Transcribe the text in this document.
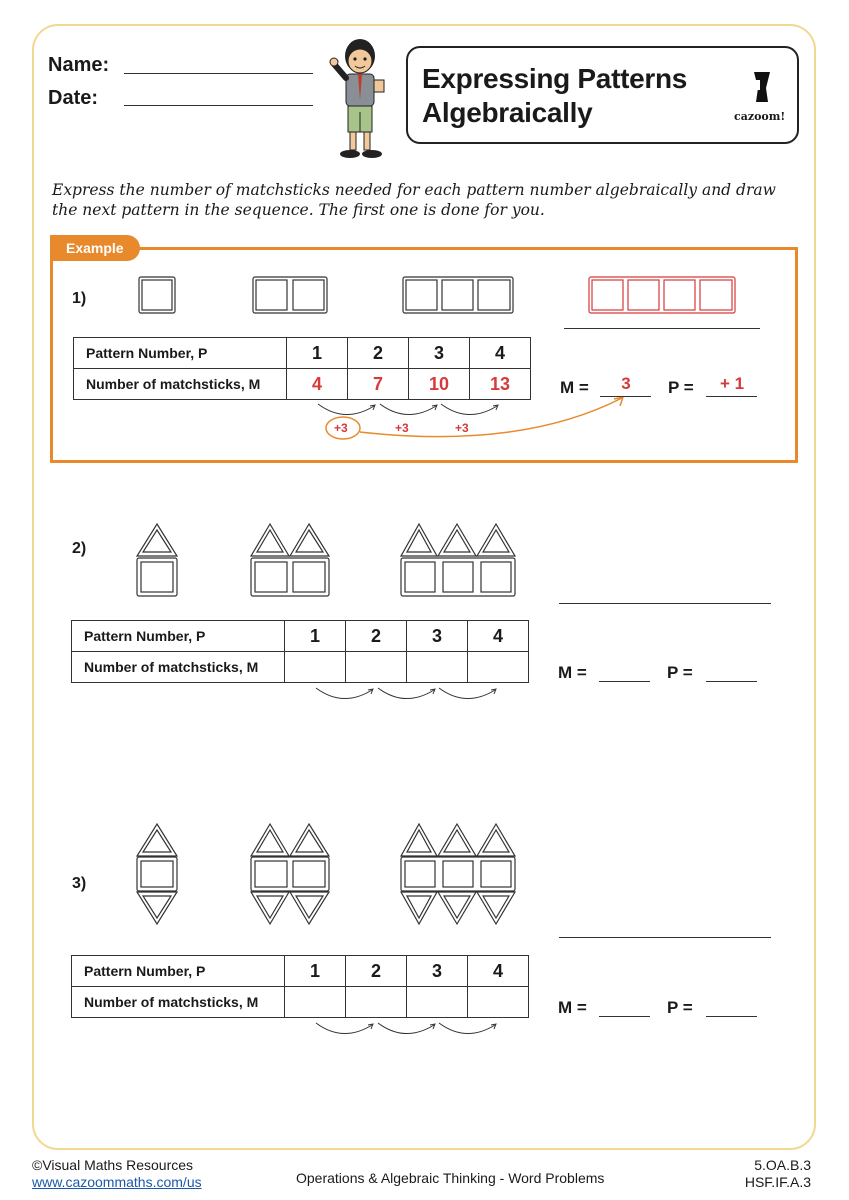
Name:
Date:
Expressing Patterns Algebraically	cazoom!
Express the number of matchsticks needed for each pattern number algebraically and draw the next pattern in the sequence. The first one is done for you.
Example
1)
Pattern Number, P	1	2	3	4
Number of matchsticks, M	4	7	10	13
+3	+3	+3
M =	3	P =	+ 1
2)
Pattern Number, P	1	2	3	4
Number of matchsticks, M					M =	P =
3)
Pattern Number, P	1	2	3	4
Number of matchsticks, M					M =	P =
©Visual Maths Resources
www.cazoommaths.com/us	Operations & Algebraic Thinking - Word Problems
5.OA.B.3
HSF.IF.A.3
